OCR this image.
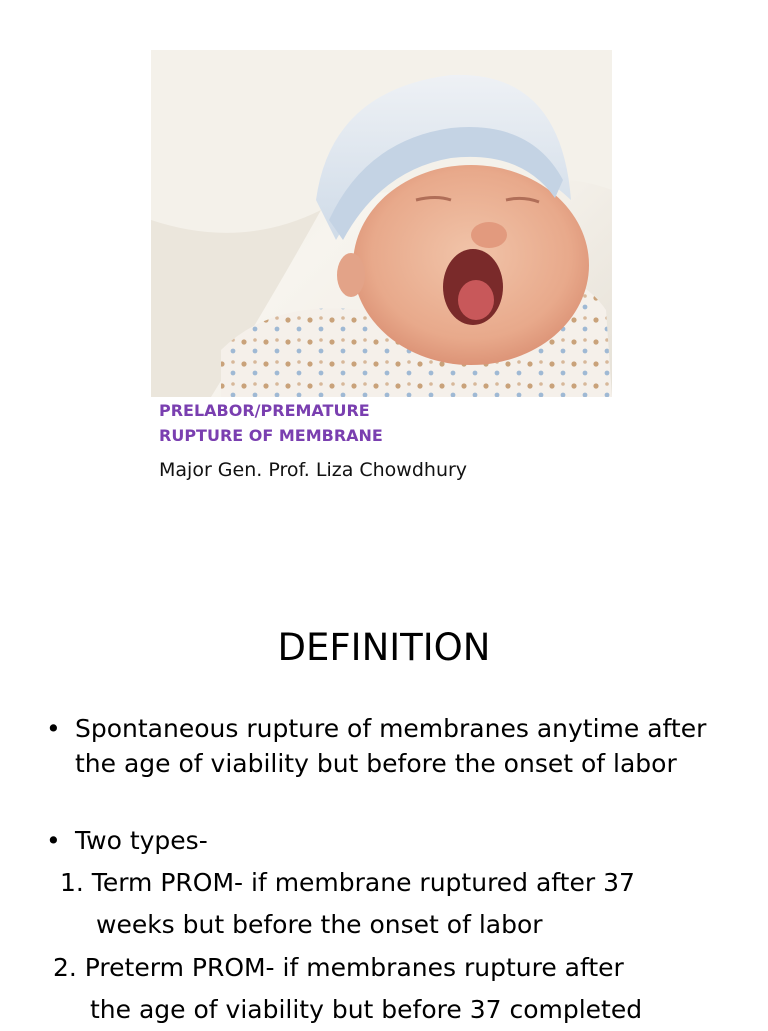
PRELABOR/PREMATURE
RUPTURE OF MEMBRANE
Major Gen. Prof. Liza Chowdhury
DEFINITION
• Spontaneous rupture of membranes anytime after the age of viability but before the onset of labor
• Two types-
1. Term PROM- if membrane ruptured after 37
weeks but before the onset of labor
2. Preterm PROM- if membranes rupture after
the age of viability but before 37 completed
